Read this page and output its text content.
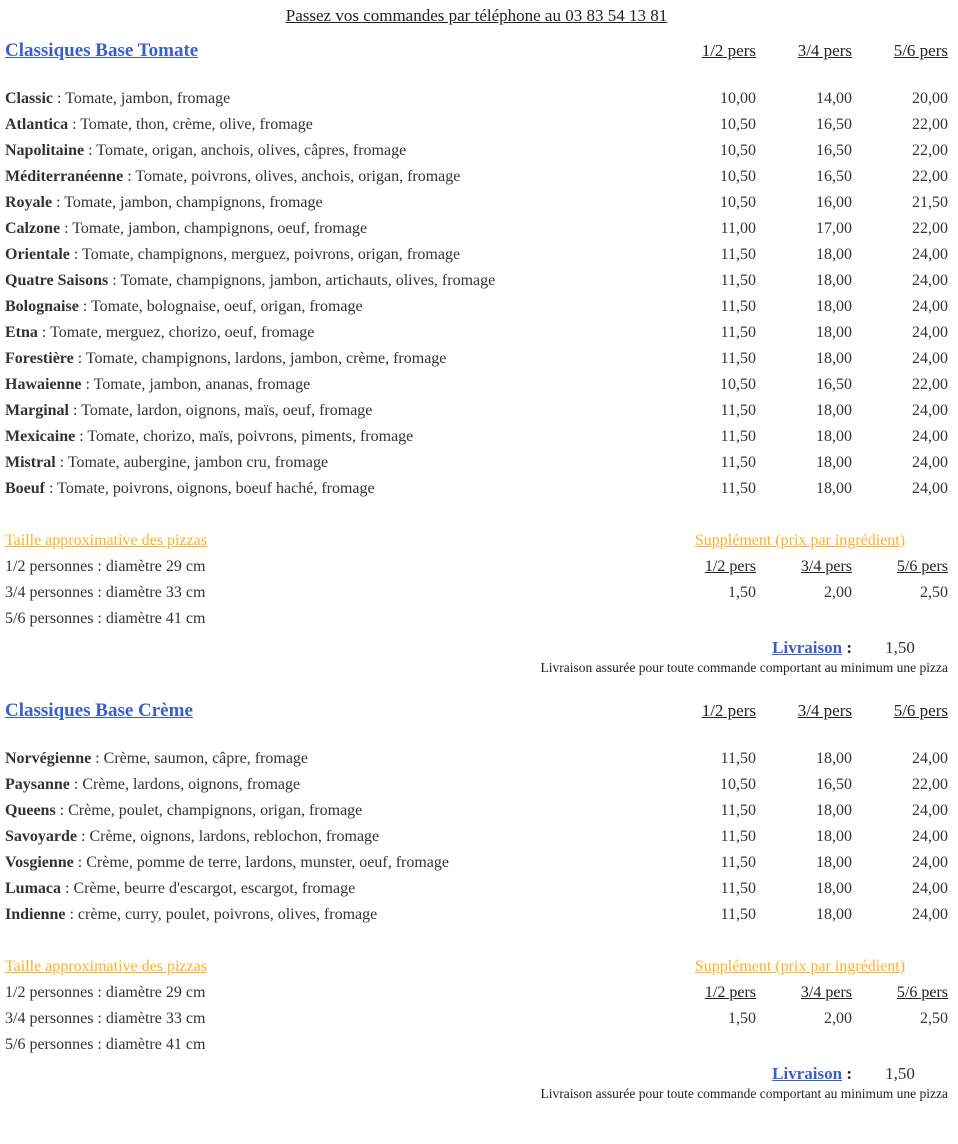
Passez vos commandes par téléphone au 03 83 54 13 81
Classiques Base Tomate	1/2 pers	3/4 pers	5/6 pers
Classic : Tomate, jambon, fromage	10,00	14,00	20,00
Atlantica : Tomate, thon, crème, olive, fromage	10,50	16,50	22,00
Napolitaine : Tomate, origan, anchois, olives, câpres, fromage	10,50	16,50	22,00
Méditerranéenne : Tomate, poivrons, olives, anchois, origan, fromage	10,50	16,50	22,00
Royale : Tomate, jambon, champignons, fromage	10,50	16,00	21,50
Calzone : Tomate, jambon, champignons, oeuf, fromage	11,00	17,00	22,00
Orientale : Tomate, champignons, merguez, poivrons, origan, fromage	11,50	18,00	24,00
Quatre Saisons : Tomate, champignons, jambon, artichauts, olives, fromage	11,50	18,00	24,00
Bolognaise : Tomate, bolognaise, oeuf, origan, fromage	11,50	18,00	24,00
Etna : Tomate, merguez, chorizo, oeuf, fromage	11,50	18,00	24,00
Forestière : Tomate, champignons, lardons, jambon, crème, fromage	11,50	18,00	24,00
Hawaienne : Tomate, jambon, ananas, fromage	10,50	16,50	22,00
Marginal : Tomate, lardon, oignons, maïs, oeuf, fromage	11,50	18,00	24,00
Mexicaine : Tomate, chorizo, maïs, poivrons, piments, fromage	11,50	18,00	24,00
Mistral : Tomate, aubergine, jambon cru, fromage	11,50	18,00	24,00
Boeuf : Tomate, poivrons, oignons, boeuf haché, fromage	11,50	18,00	24,00
Taille approximative des pizzas
1/2 personnes : diamètre 29 cm
3/4 personnes : diamètre 33 cm
5/6 personnes : diamètre 41 cm
Supplément (prix par ingrédient)
1/2 pers	3/4 pers	5/6 pers
1,50	2,00	2,50
Livraison :	1,50
Livraison assurée pour toute commande comportant au minimum une pizza
Classiques Base Crème	1/2 pers	3/4 pers	5/6 pers
Norvégienne : Crème, saumon, câpre, fromage	11,50	18,00	24,00
Paysanne : Crème, lardons, oignons, fromage	10,50	16,50	22,00
Queens : Crème, poulet, champignons, origan, fromage	11,50	18,00	24,00
Savoyarde : Crème, oignons, lardons, reblochon, fromage	11,50	18,00	24,00
Vosgienne : Crème, pomme de terre, lardons, munster, oeuf, fromage	11,50	18,00	24,00
Lumaca : Crème, beurre d'escargot, escargot, fromage	11,50	18,00	24,00
Indienne : crème, curry, poulet, poivrons, olives, fromage	11,50	18,00	24,00
Taille approximative des pizzas
1/2 personnes : diamètre 29 cm
3/4 personnes : diamètre 33 cm
5/6 personnes : diamètre 41 cm
Supplément (prix par ingrédient)
1/2 pers	3/4 pers	5/6 pers
1,50	2,00	2,50
Livraison :	1,50
Livraison assurée pour toute commande comportant au minimum une pizza
